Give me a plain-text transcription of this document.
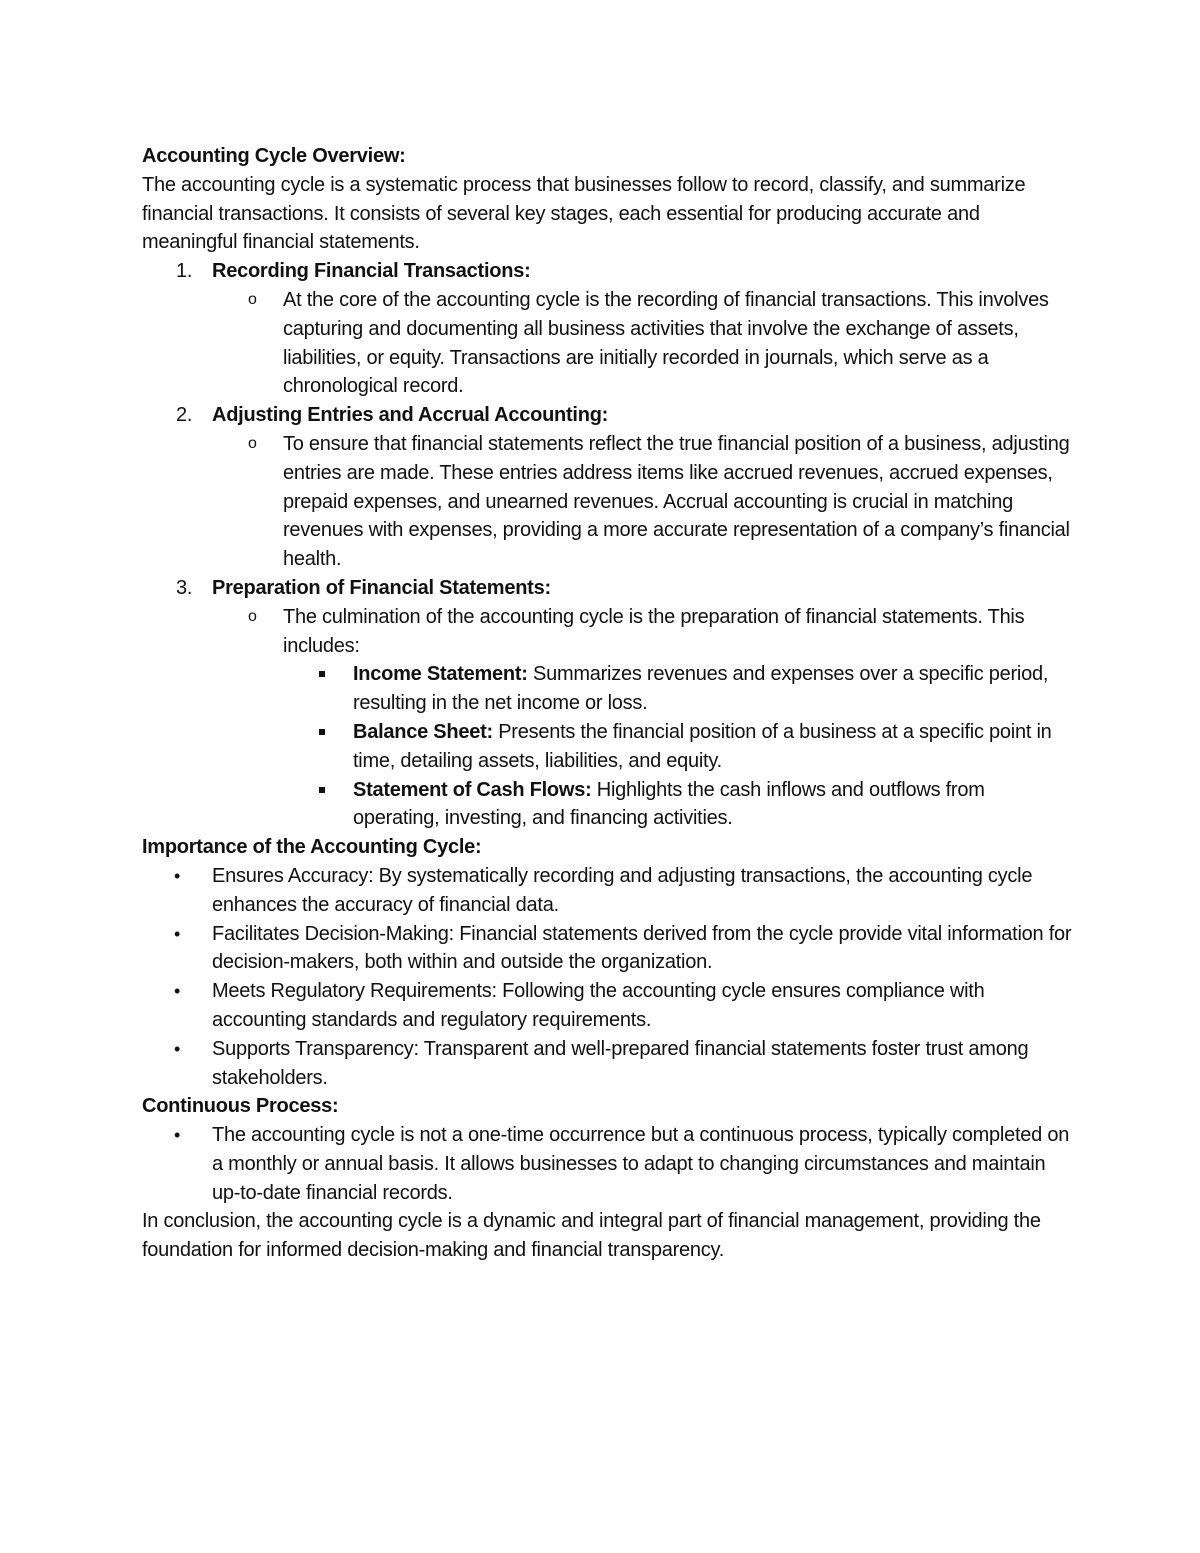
Accounting Cycle Overview:

The accounting cycle is a systematic process that businesses follow to record, classify, and summarize financial transactions. It consists of several key stages, each essential for producing accurate and meaningful financial statements.

1. Recording Financial Transactions:
o At the core of the accounting cycle is the recording of financial transactions. This involves capturing and documenting all business activities that involve the exchange of assets, liabilities, or equity. Transactions are initially recorded in journals, which serve as a chronological record.
2. Adjusting Entries and Accrual Accounting:
o To ensure that financial statements reflect the true financial position of a business, adjusting entries are made. These entries address items like accrued revenues, accrued expenses, prepaid expenses, and unearned revenues. Accrual accounting is crucial in matching revenues with expenses, providing a more accurate representation of a company’s financial health.
3. Preparation of Financial Statements:
o The culmination of the accounting cycle is the preparation of financial statements. This includes:
Income Statement: Summarizes revenues and expenses over a specific period, resulting in the net income or loss.
Balance Sheet: Presents the financial position of a business at a specific point in time, detailing assets, liabilities, and equity.
Statement of Cash Flows: Highlights the cash inflows and outflows from operating, investing, and financing activities.

Importance of the Accounting Cycle:

• Ensures Accuracy: By systematically recording and adjusting transactions, the accounting cycle enhances the accuracy of financial data.
• Facilitates Decision-Making: Financial statements derived from the cycle provide vital information for decision-makers, both within and outside the organization.
• Meets Regulatory Requirements: Following the accounting cycle ensures compliance with accounting standards and regulatory requirements.
• Supports Transparency: Transparent and well-prepared financial statements foster trust among stakeholders.

Continuous Process:

• The accounting cycle is not a one-time occurrence but a continuous process, typically completed on a monthly or annual basis. It allows businesses to adapt to changing circumstances and maintain up-to-date financial records.

In conclusion, the accounting cycle is a dynamic and integral part of financial management, providing the foundation for informed decision-making and financial transparency.
